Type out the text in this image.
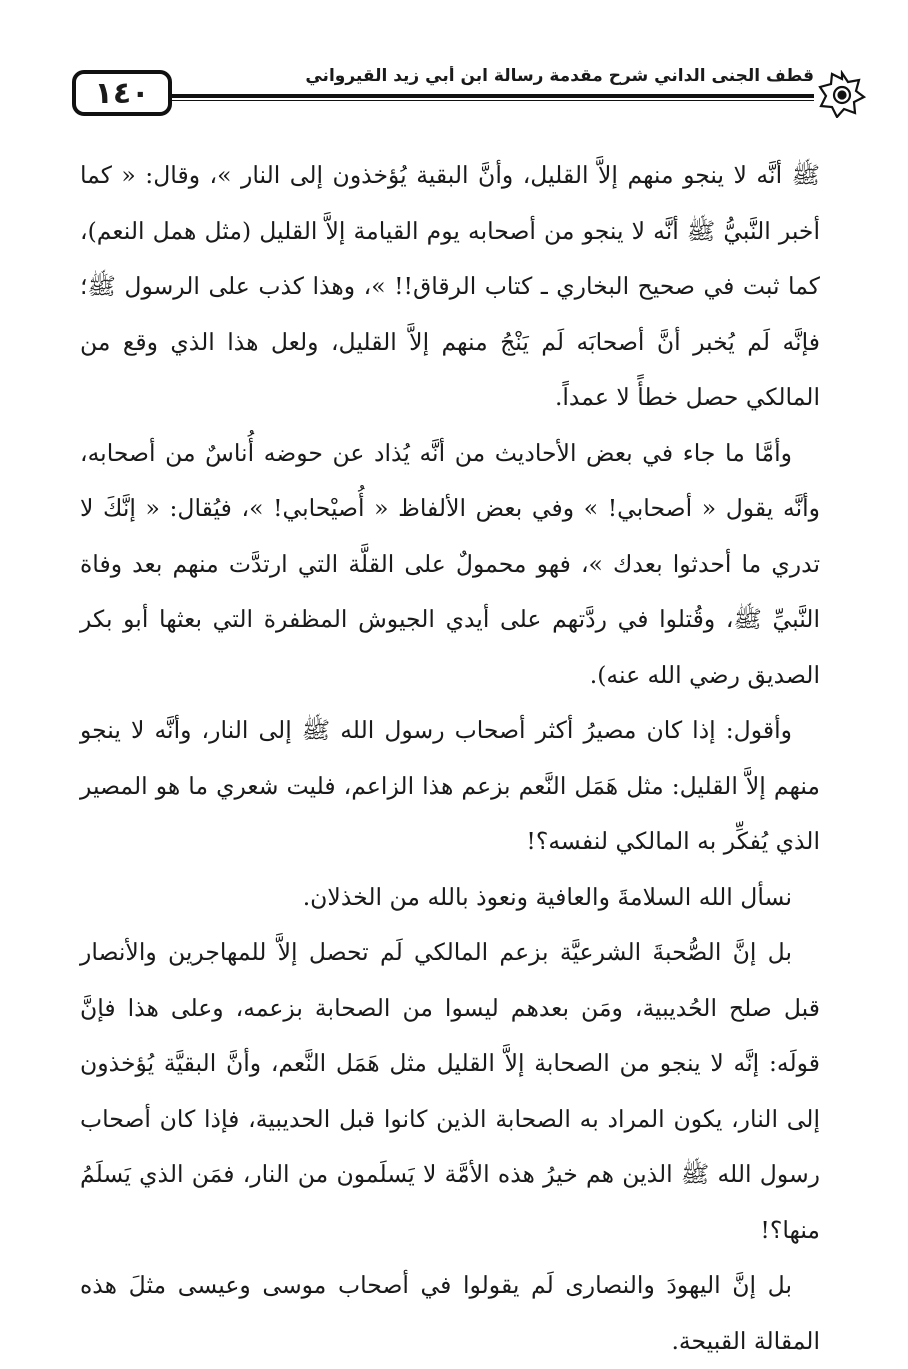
١٤٠	قطف الجنى الداني شرح مقدمة رسالة ابن أبي زيد القيرواني

ﷺ أنَّه لا ينجو منهم إلاَّ القليل، وأنَّ البقية يُؤخذون إلى النار »، وقال: « كما أخبر النَّبيُّ ﷺ أنَّه لا ينجو من أصحابه يوم القيامة إلاَّ القليل (مثل همل النعم)، كما ثبت في صحيح البخاري ـ كتاب الرقاق!! »، وهذا كذب على الرسول ﷺ؛ فإنَّه لَم يُخبر أنَّ أصحابَه لَم يَنْجُ منهم إلاَّ القليل، ولعل هذا الذي وقع من المالكي حصل خطأً لا عمداً.

وأمَّا ما جاء في بعض الأحاديث من أنَّه يُذاد عن حوضه أُناسٌ من أصحابه، وأنَّه يقول « أصحابي! » وفي بعض الألفاظ « أُصيْحابي! »، فيُقال: « إنَّكَ لا تدري ما أحدثوا بعدك »، فهو محمولٌ على القلَّة التي ارتدَّت منهم بعد وفاة النَّبيِّ ﷺ، وقُتلوا في ردَّتهم على أيدي الجيوش المظفرة التي بعثها أبو بكر الصديق رضي الله عنه).

وأقول: إذا كان مصيرُ أكثر أصحاب رسول الله ﷺ إلى النار، وأنَّه لا ينجو منهم إلاَّ القليل: مثل هَمَل النَّعم بزعم هذا الزاعم، فليت شعري ما هو المصير الذي يُفكِّر به المالكي لنفسه؟!

نسأل الله السلامةَ والعافية ونعوذ بالله من الخذلان.

بل إنَّ الصُّحبةَ الشرعيَّة بزعم المالكي لَم تحصل إلاَّ للمهاجرين والأنصار قبل صلح الحُديبية، ومَن بعدهم ليسوا من الصحابة بزعمه، وعلى هذا فإنَّ قولَه: إنَّه لا ينجو من الصحابة إلاَّ القليل مثل هَمَل النَّعم، وأنَّ البقيَّة يُؤخذون إلى النار، يكون المراد به الصحابة الذين كانوا قبل الحديبية، فإذا كان أصحاب رسول الله ﷺ الذين هم خيرُ هذه الأمَّة لا يَسلَمون من النار، فمَن الذي يَسلَمُ منها؟!

بل إنَّ اليهودَ والنصارى لَم يقولوا في أصحاب موسى وعيسى مثلَ هذه المقالة القبيحة.
